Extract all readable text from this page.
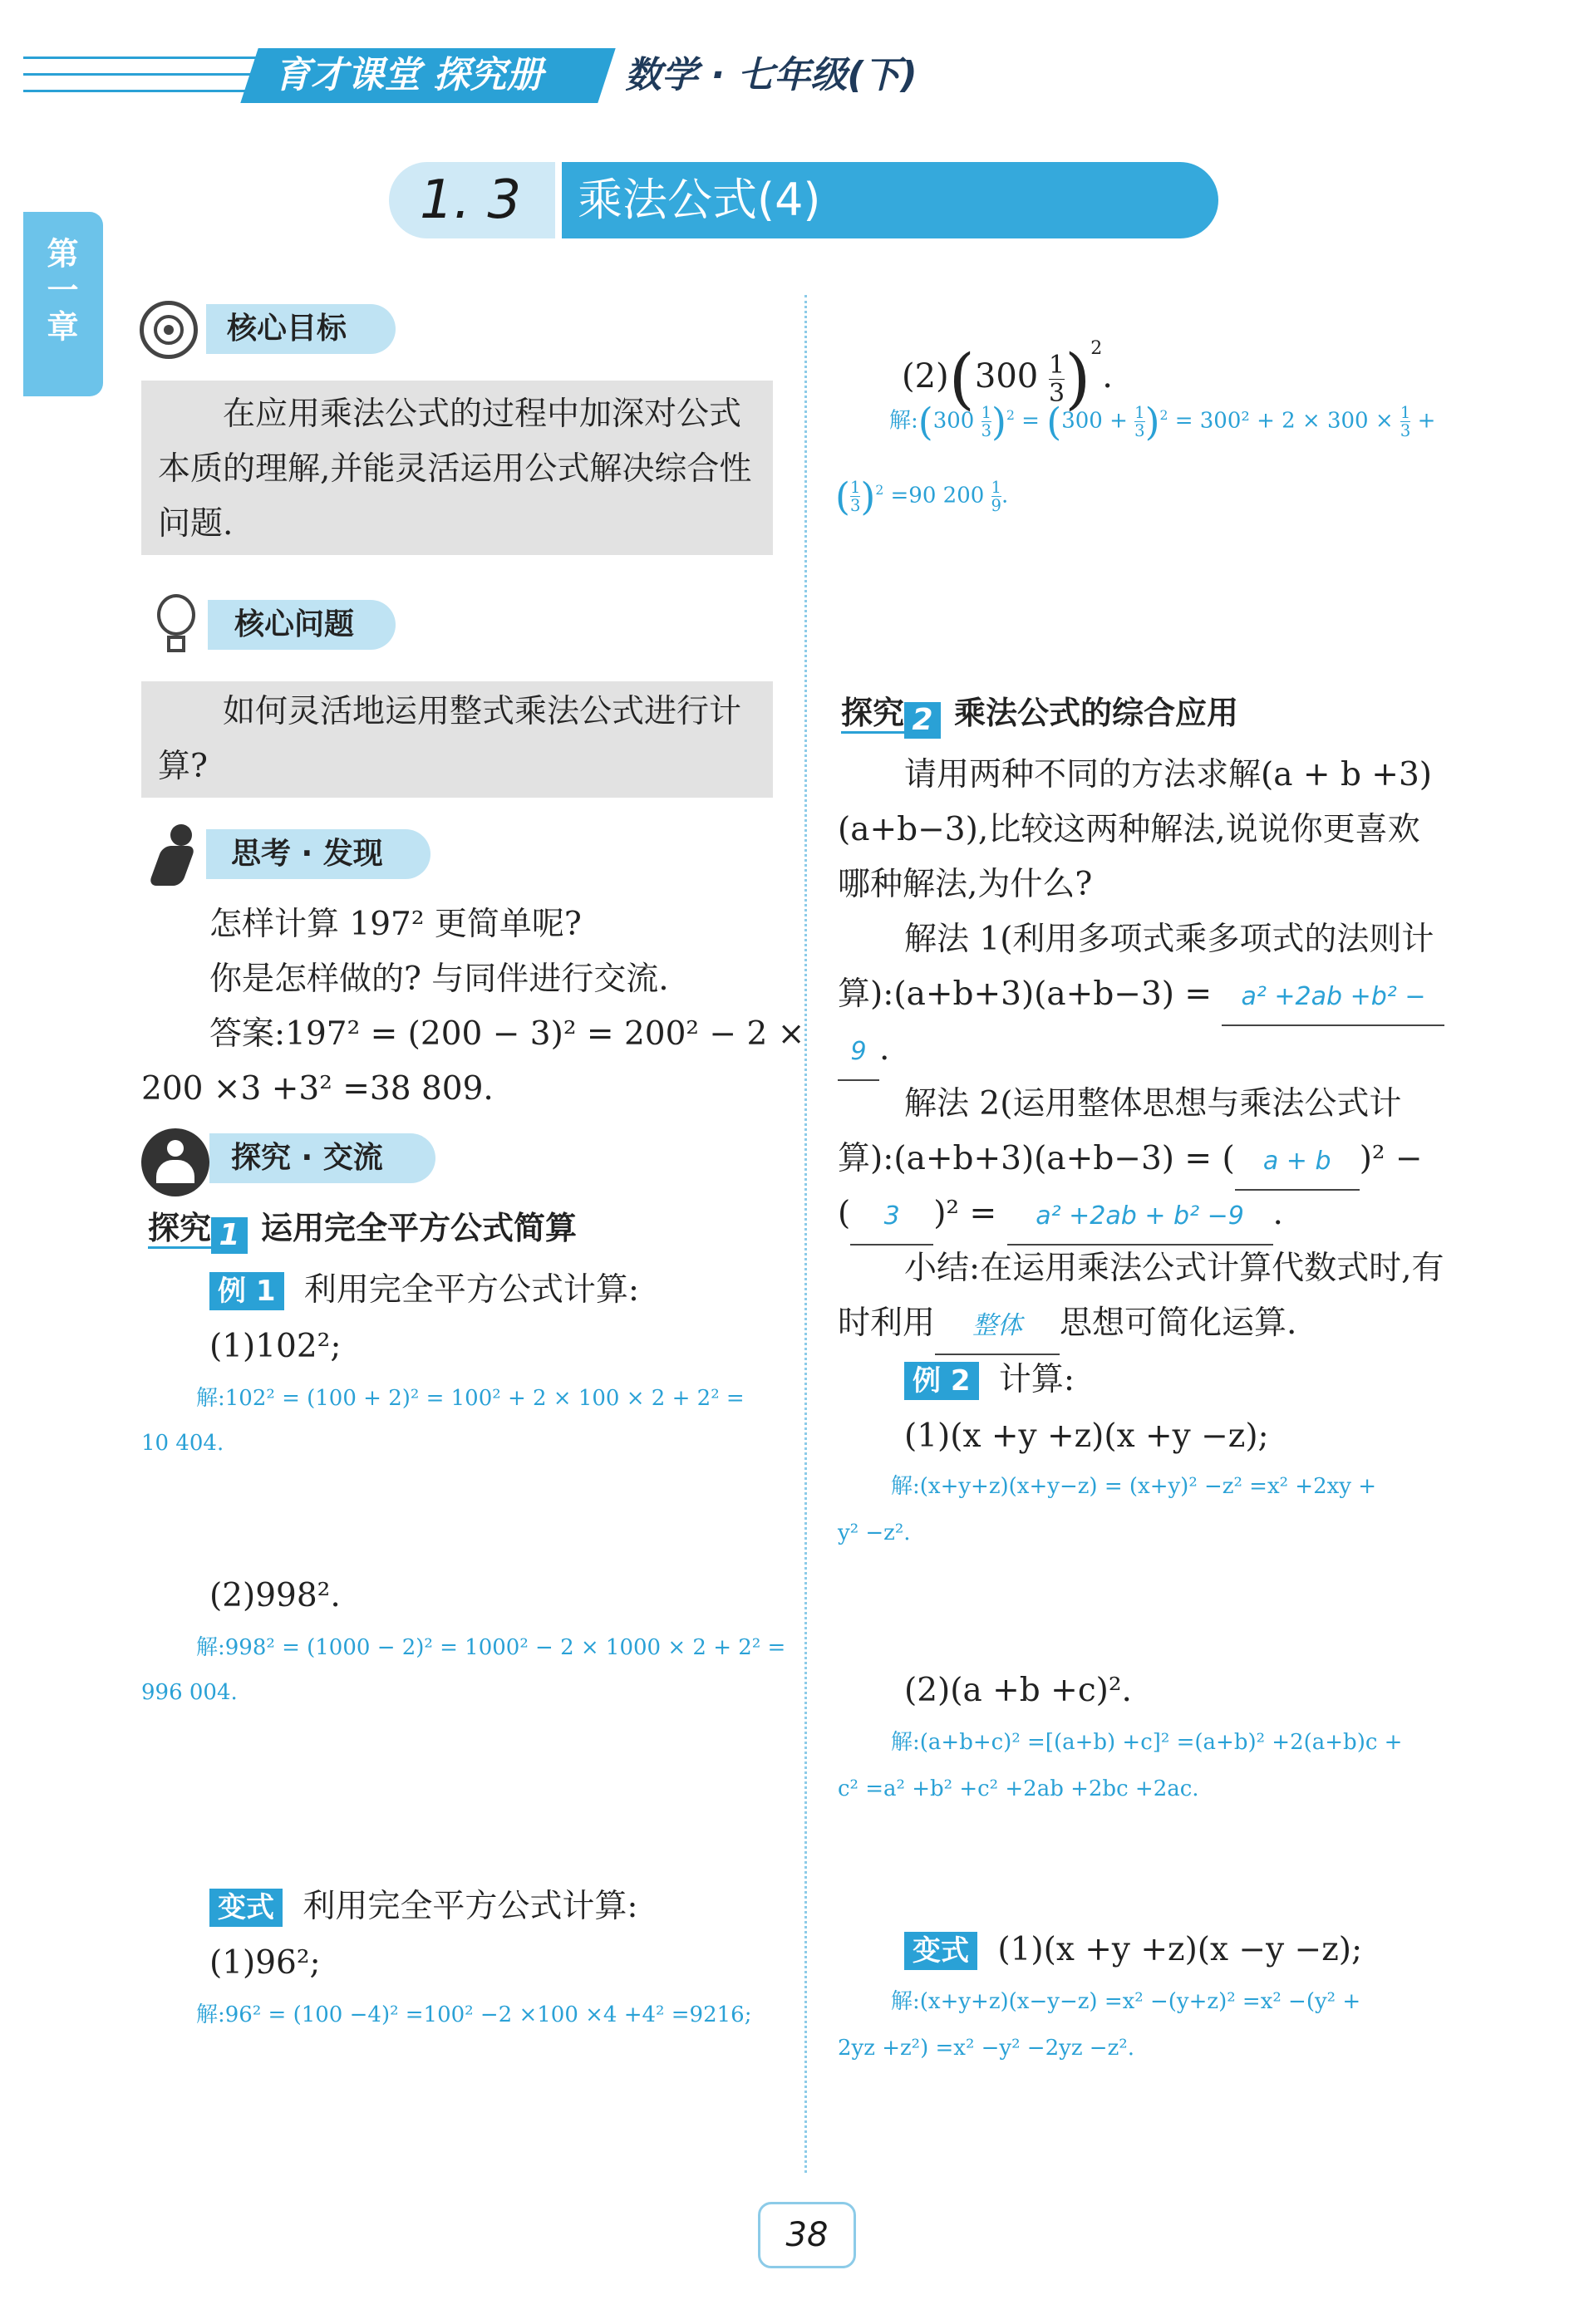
育才课堂 探究册	数学 · 七年级(下)
第一章
1. 3 乘法公式(4)
核心目标
在应用乘法公式的过程中加深对公式本质的理解,并能灵活运用公式解决综合性问题.
核心问题
如何灵活地运用整式乘法公式进行计算?
思考 · 发现
怎样计算 197² 更简单呢?
你是怎样做的? 与同伴进行交流.
答案:197² = (200 − 3)² = 200² − 2 ×
200 ×3 +3² =38 809.
探究 · 交流
探究 1 运用完全平方公式简算
例 1 利用完全平方公式计算:
(1)102²;
解:102² = (100 + 2)² = 100² + 2 × 100 × 2 + 2² =
10 404.
(2)998².
解:998² = (1000 − 2)² = 1000² − 2 × 1000 × 2 + 2² =
996 004.
变式 利用完全平方公式计算:
(1)96²;
解:96² = (100 −4)² =100² −2 ×100 ×4 +4² =9216;
$(2)(300 \frac{1}{3} )^2$.
解:(300 $\frac{1}{3} )^2 = (300 + \frac{1}{3} )^2 = 300^2 + 2 \times 300 \times \frac{1}{3}$ +
( $\frac{1}{3} )^2 =90$ $200 \frac{1}{9}$ .
探究 2 乘法公式的综合应用
请用两种不同的方法求解(a + b +3)
(a+b−3),比较这两种解法,说说你更喜欢
哪种解法,为什么?
解法 1(利用多项式乘多项式的法则计
算):(a+b+3)(a+b−3) = a² +2ab +b² −
9 .
解法 2(运用整体思想与乘法公式计
算):(a+b+3)(a+b−3) = ( a + b )² −
( 3 )² = a² +2ab + b² −9 .
小结:在运用乘法公式计算代数式时,有
时利用 整体 思想可简化运算.
例 2 计算:
(1)(x +y +z)(x +y −z);
解:(x+y+z)(x+y−z) = (x+y)² −z² =x² +2xy +
y² −z².
(2)(a +b +c)².
解:(a+b+c)² =[(a+b) +c]² =(a+b)² +2(a+b)c +
c² =a² +b² +c² +2ab +2bc +2ac.
变式 (1)(x +y +z)(x −y −z);
解:(x+y+z)(x−y−z) =x² −(y+z)² =x² −(y² +
2yz +z²) =x² −y² −2yz −z².
38
